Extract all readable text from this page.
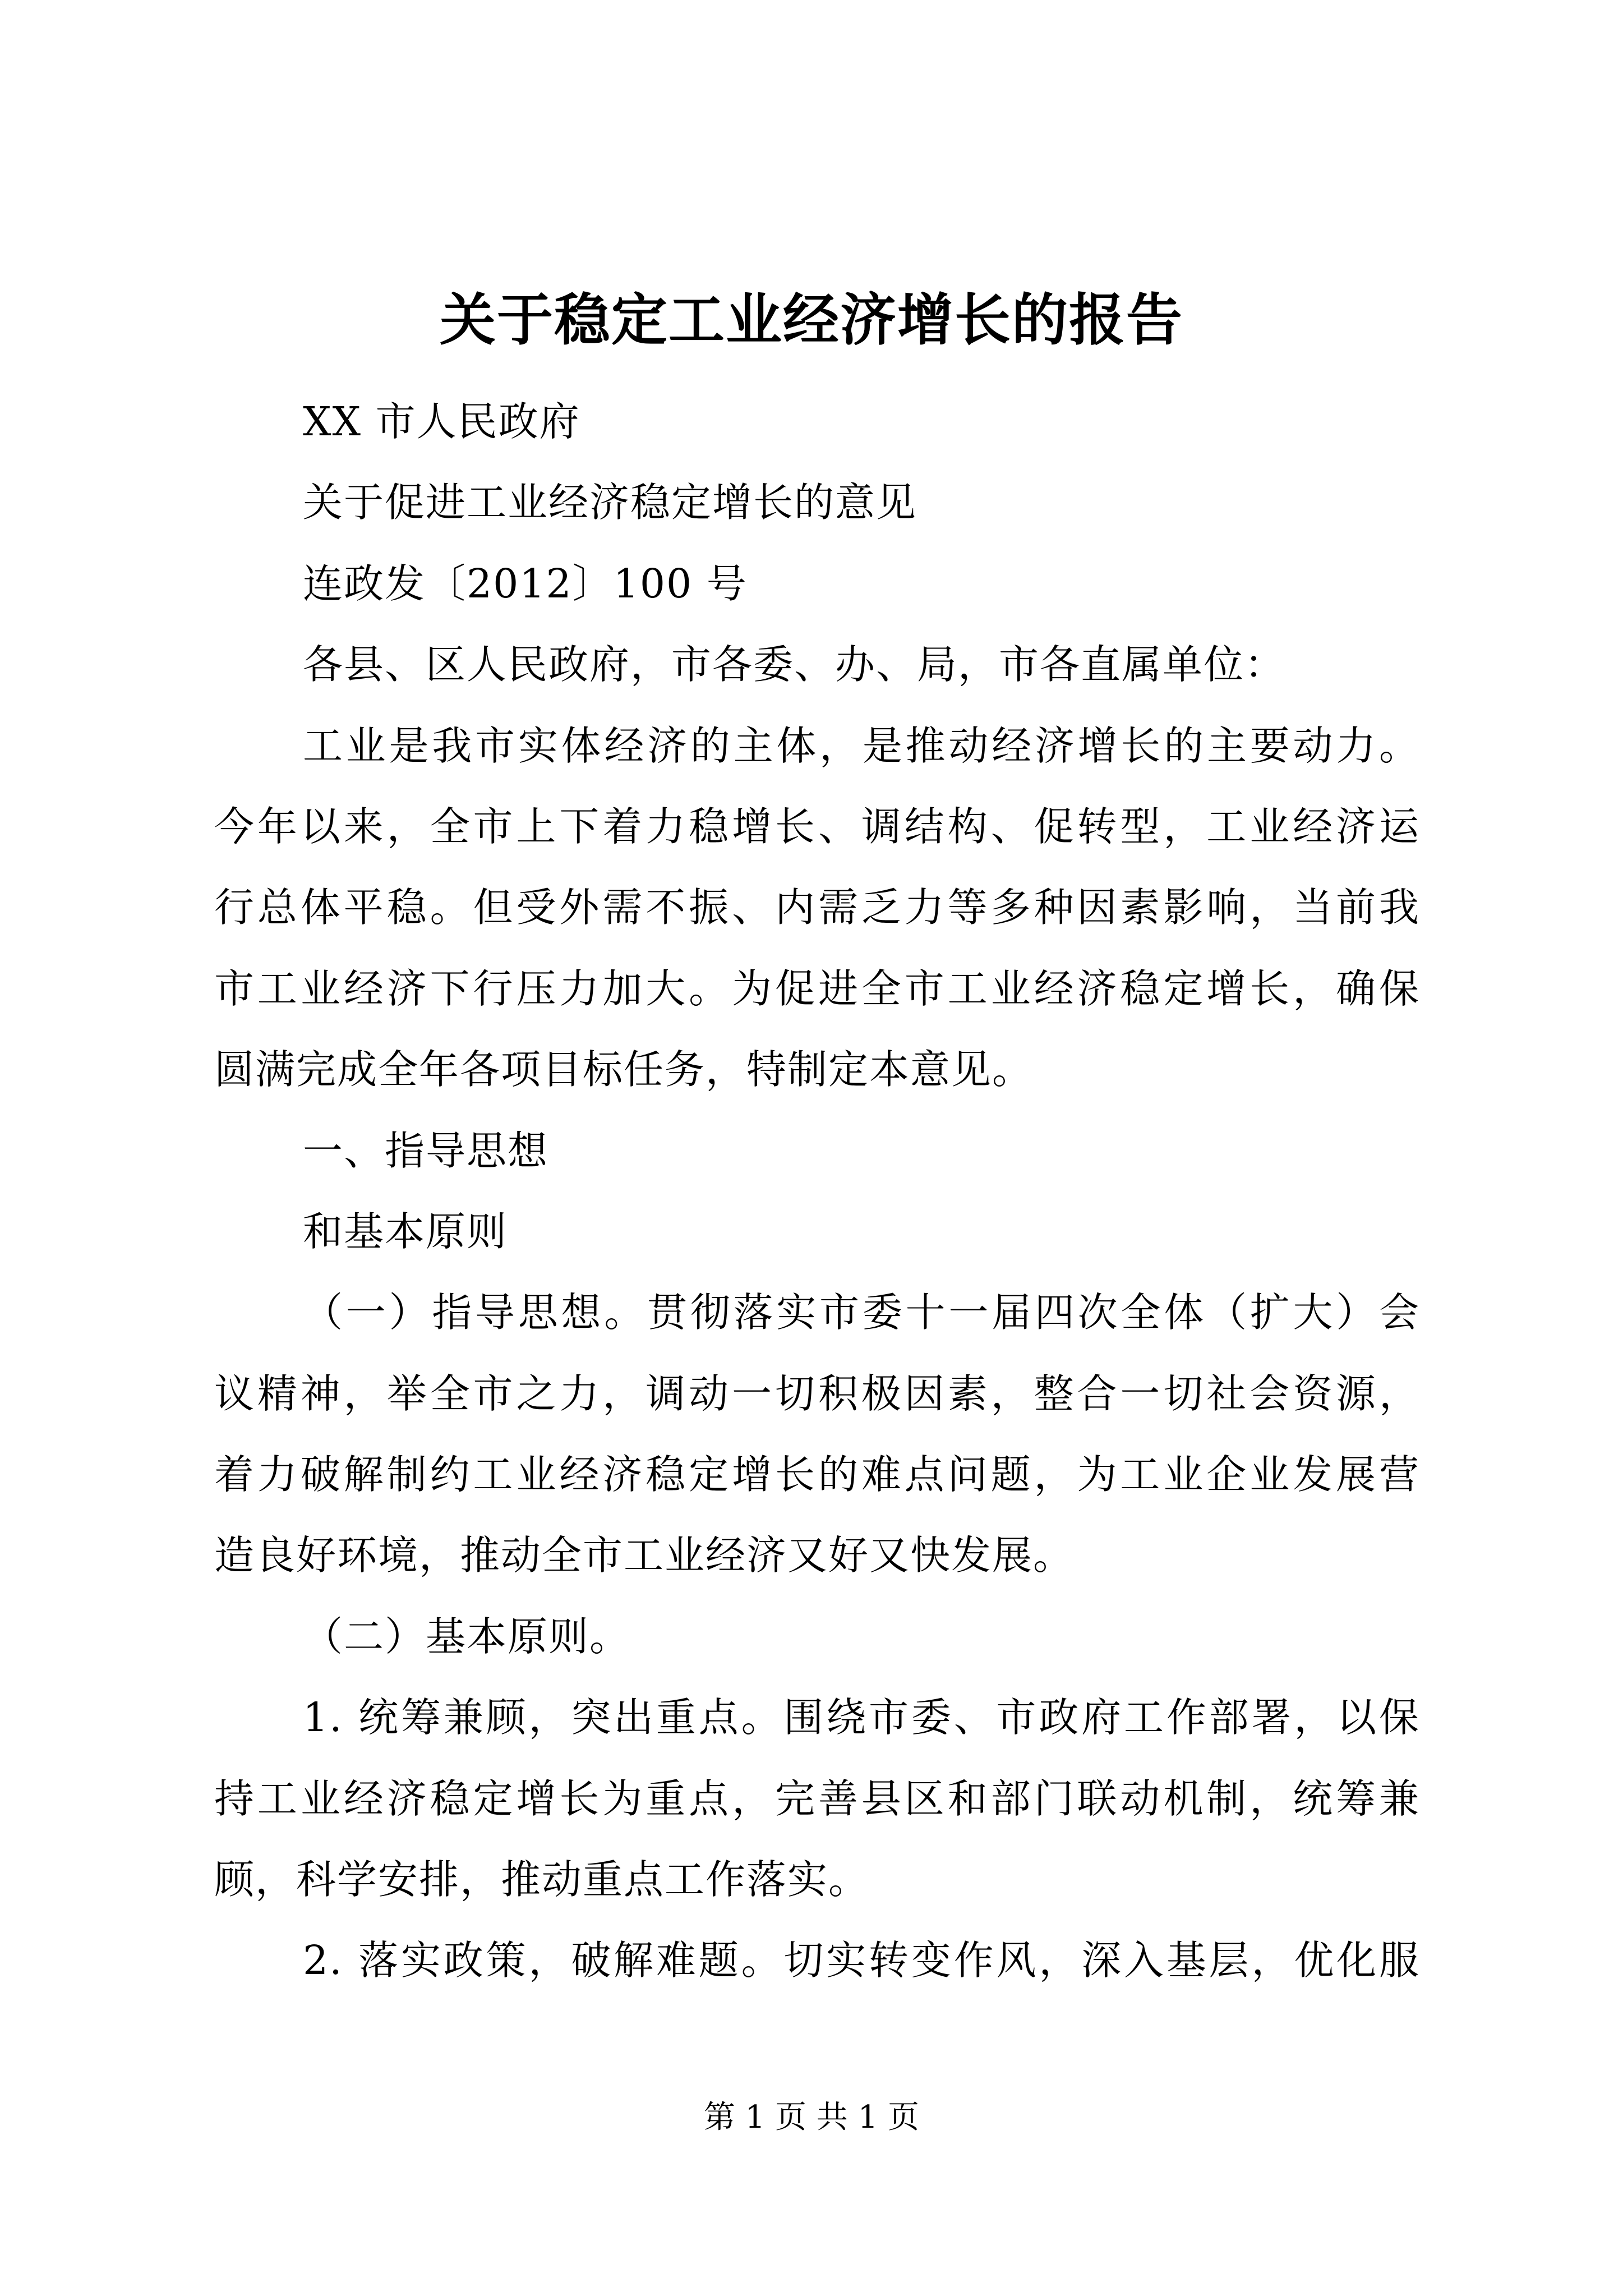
关于稳定工业经济增长的报告
XX 市人民政府
关于促进工业经济稳定增长的意见
连政发〔2012〕100 号
各县、区人民政府，市各委、办、局，市各直属单位：
工业是我市实体经济的主体，是推动经济增长的主要动力。
今年以来，全市上下着力稳增长、调结构、促转型，工业经济运
行总体平稳。但受外需不振、内需乏力等多种因素影响，当前我
市工业经济下行压力加大。为促进全市工业经济稳定增长，确保
圆满完成全年各项目标任务，特制定本意见。
一、指导思想
和基本原则
（一）指导思想。贯彻落实市委十一届四次全体（扩大）会
议精神，举全市之力，调动一切积极因素，整合一切社会资源，
着力破解制约工业经济稳定增长的难点问题，为工业企业发展营
造良好环境，推动全市工业经济又好又快发展。
（二）基本原则。
1. 统筹兼顾，突出重点。围绕市委、市政府工作部署，以保
持工业经济稳定增长为重点，完善县区和部门联动机制，统筹兼
顾，科学安排，推动重点工作落实。
2. 落实政策，破解难题。切实转变作风，深入基层，优化服
第 1 页 共 1 页
